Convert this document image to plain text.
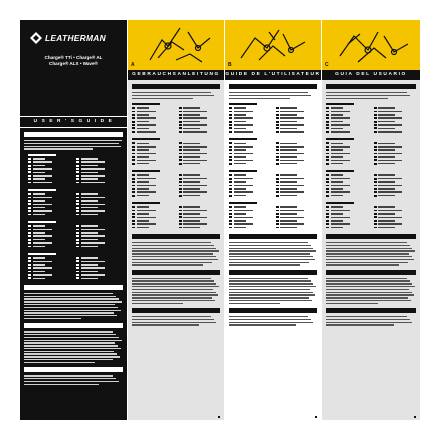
LEATHERMAN
Charge® TTi • Charge® AL
Charge® ALX • Wave®
U S E R ' S G U I D E
A	B	C
GEBRAUCHSANLEITUNG	GUIDE DE L'UTILISATEUR	GUIA DEL USUARIO
